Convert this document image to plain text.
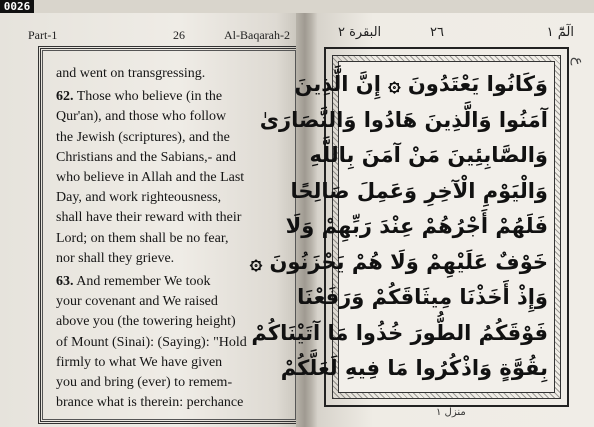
0026
Part-1	26	Al-Baqarah-2

and went on transgressing.

62. Those who believe (in the

Qur'an), and those who follow

the Jewish (scriptures), and the

Christians and the Sabians,- and

who believe in Allah and the Last

Day, and work righteousness,

shall have their reward with their

Lord; on them shall be no fear,

nor shall they grieve.

63. And remember We took

your covenant and We raised

above you (the towering height)

of Mount (Sinai): (Saying): "Hold

firmly to what We have given

you and bring (ever) to remem-

brance what is therein: perchance

البقرة ٢	٢٦	الٓمّٓ ١
وَكَانُوا يَعْتَدُونَ ۞ إِنَّ الَّذِينَ
آمَنُوا وَالَّذِينَ هَادُوا وَالنَّصَارَىٰ
وَالصَّابِئِينَ مَنْ آمَنَ بِاللَّهِ
وَالْيَوْمِ الْآخِرِ وَعَمِلَ صَالِحًا
فَلَهُمْ أَجْرُهُمْ عِنْدَ رَبِّهِمْ وَلَا
خَوْفٌ عَلَيْهِمْ وَلَا هُمْ يَحْزَنُونَ ۞
وَإِذْ أَخَذْنَا مِيثَاقَكُمْ وَرَفَعْنَا
فَوْقَكُمُ الطُّورَ خُذُوا مَا آتَيْنَاكُمْ
بِقُوَّةٍ وَاذْكُرُوا مَا فِيهِ لَعَلَّكُمْ
ع
منزل ١
